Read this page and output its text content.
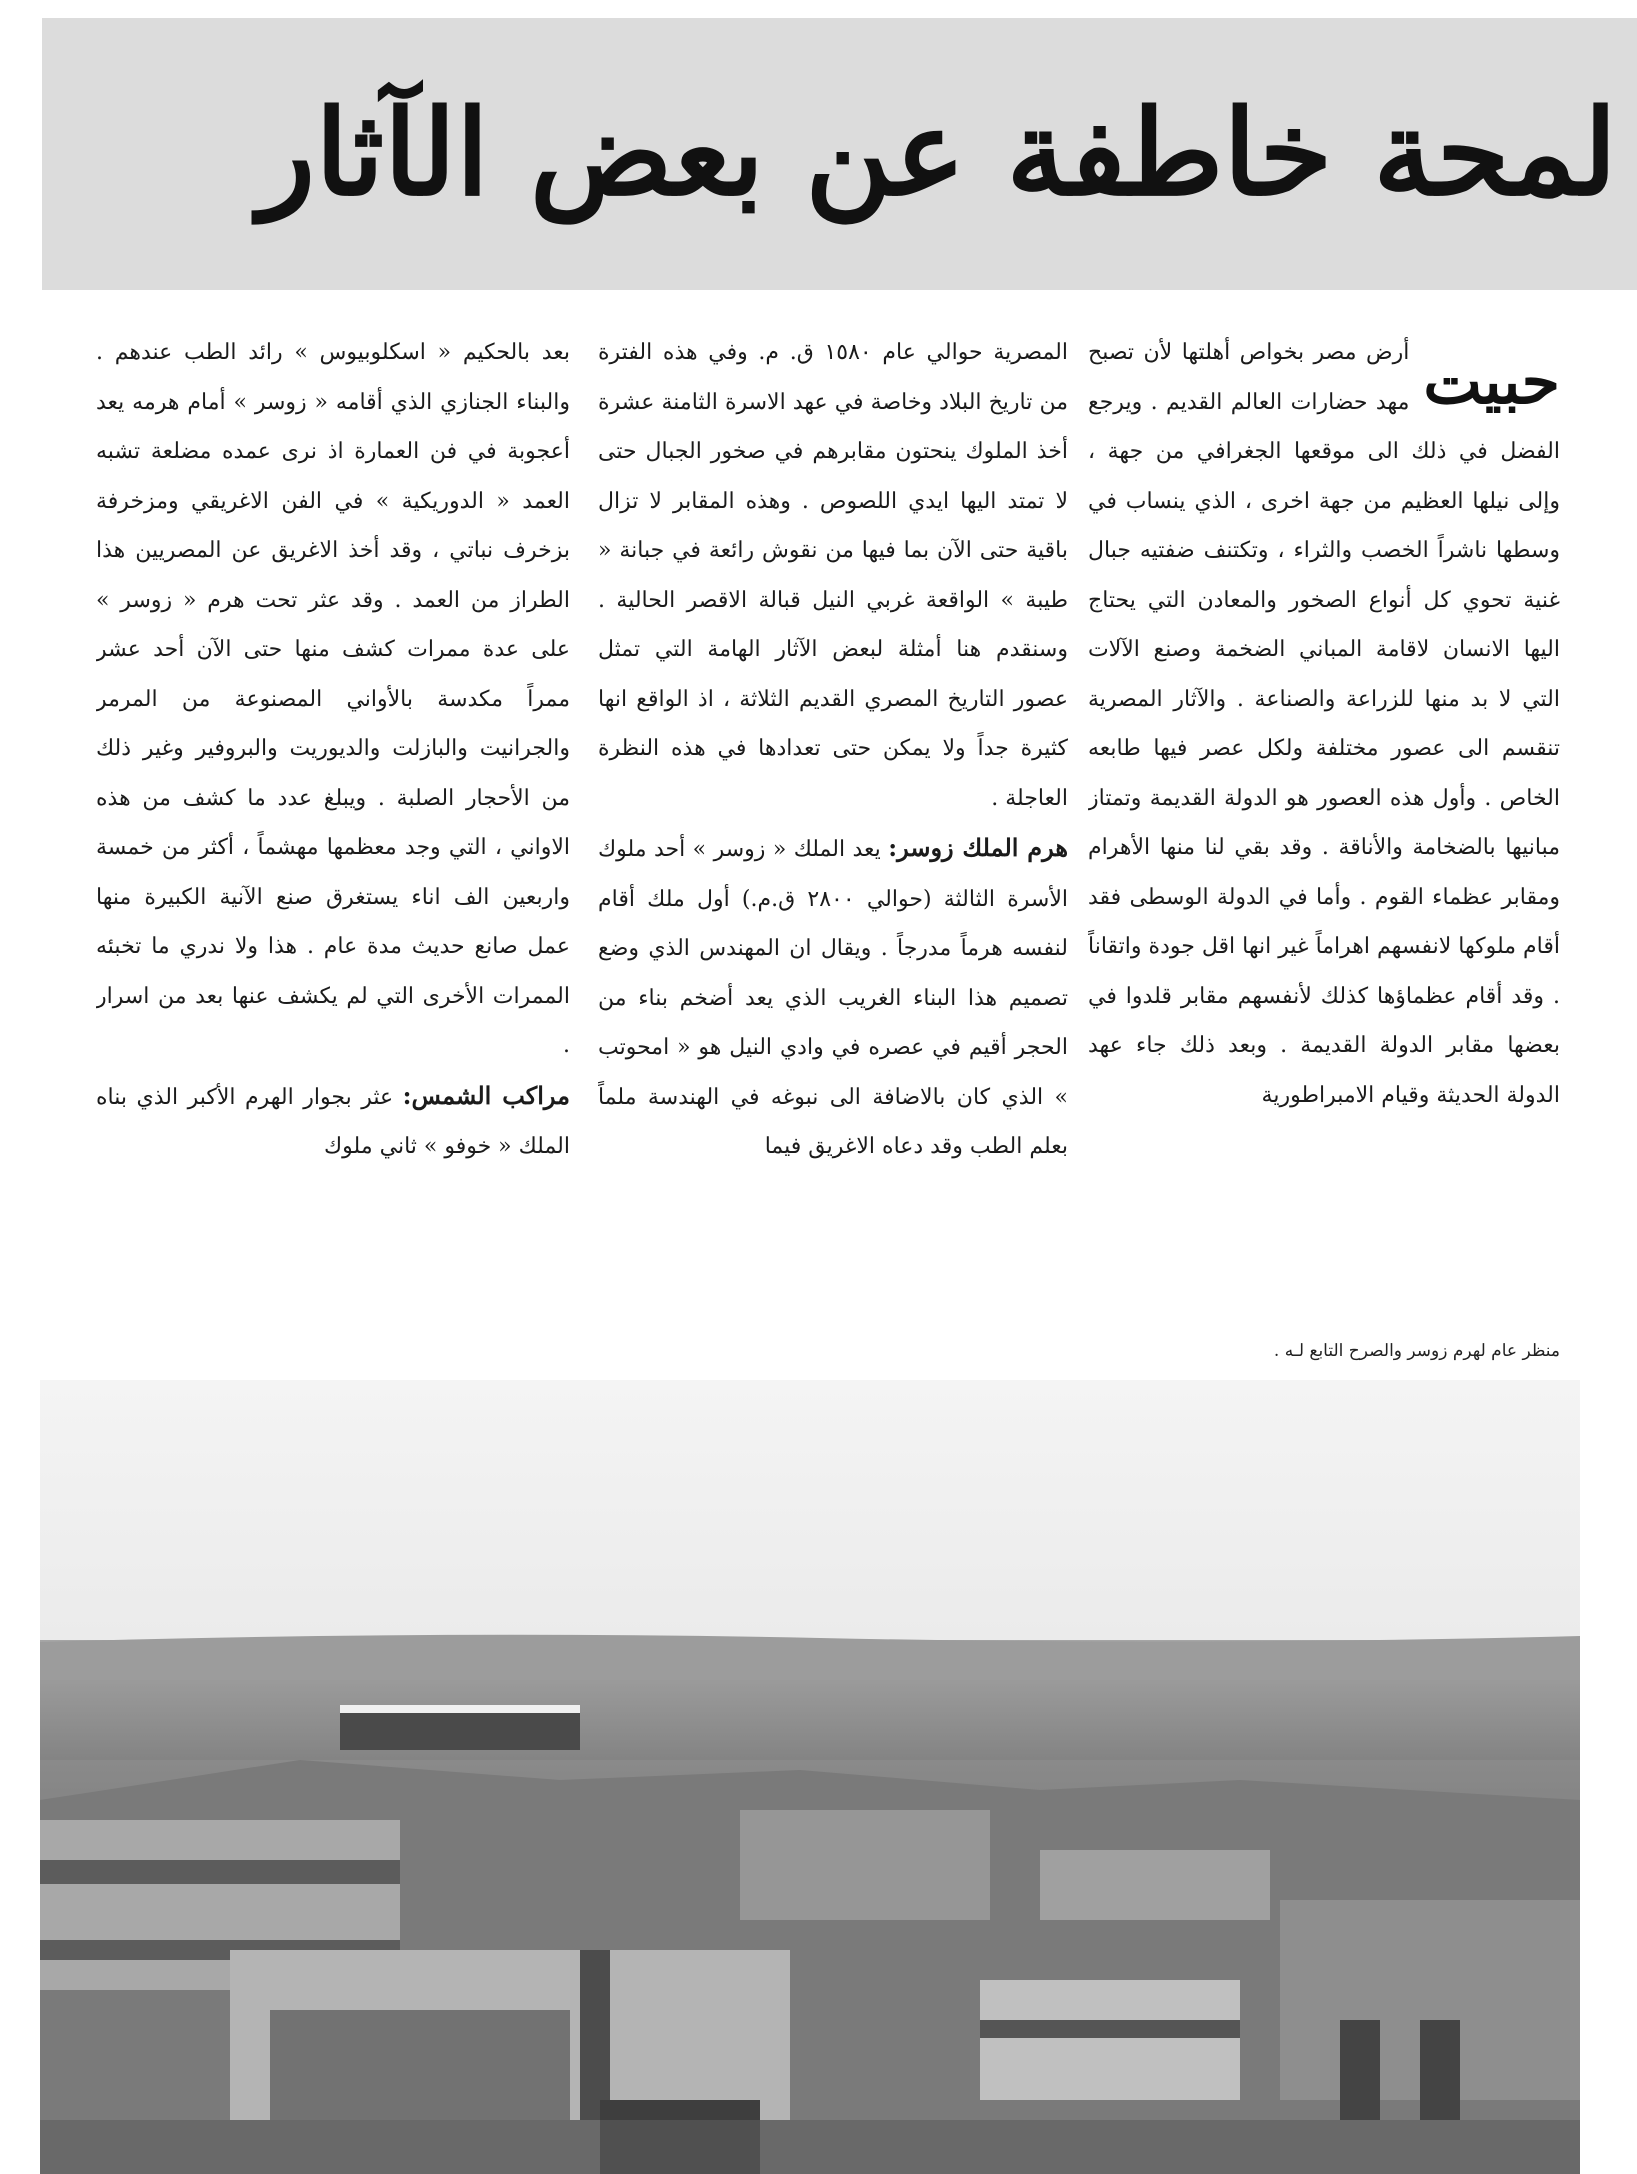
لمحة خاطفة عن بعض الآثار

حبيت
أرض مصر بخواص أهلتها لأن تصبح مهد حضارات العالم القديم . ويرجع الفضل في ذلك الى موقعها الجغرافي من جهة ، وإلى نيلها العظيم من جهة اخرى ، الذي ينساب في وسطها ناشراً الخصب والثراء ، وتكتنف ضفتيه جبال غنية تحوي كل أنواع الصخور والمعادن التي يحتاج اليها الانسان لاقامة المباني الضخمة وصنع الآلات التي لا بد منها للزراعة والصناعة . والآثار المصرية تنقسم الى عصور مختلفة ولكل عصر فيها طابعه الخاص . وأول هذه العصور هو الدولة القديمة وتمتاز مبانيها بالضخامة والأناقة . وقد بقي لنا منها الأهرام ومقابر عظماء القوم . وأما في الدولة الوسطى فقد أقام ملوكها لانفسهم اهراماً غير انها اقل جودة واتقاناً . وقد أقام عظماؤها كذلك لأنفسهم مقابر قلدوا في بعضها مقابر الدولة القديمة . وبعد ذلك جاء عهد الدولة الحديثة وقيام الامبراطورية

المصرية حوالي عام ١٥٨٠ ق. م. وفي هذه الفترة من تاريخ البلاد وخاصة في عهد الاسرة الثامنة عشرة أخذ الملوك ينحتون مقابرهم في صخور الجبال حتى لا تمتد اليها ايدي اللصوص . وهذه المقابر لا تزال باقية حتى الآن بما فيها من نقوش رائعة في جبانة « طيبة » الواقعة غربي النيل قبالة الاقصر الحالية . وسنقدم هنا أمثلة لبعض الآثار الهامة التي تمثل عصور التاريخ المصري القديم الثلاثة ، اذ الواقع انها كثيرة جداً ولا يمكن حتى تعدادها في هذه النظرة العاجلة .

هرم الملك زوسر: يعد الملك « زوسر » أحد ملوك الأسرة الثالثة (حوالي ٢٨٠٠ ق.م.) أول ملك أقام لنفسه هرماً مدرجاً . ويقال ان المهندس الذي وضع تصميم هذا البناء الغريب الذي يعد أضخم بناء من الحجر أقيم في عصره في وادي النيل هو « امحوتب » الذي كان بالاضافة الى نبوغه في الهندسة ملماً بعلم الطب وقد دعاه الاغريق فيما

بعد بالحكيم « اسكلوبيوس » رائد الطب عندهم . والبناء الجنازي الذي أقامه « زوسر » أمام هرمه يعد أعجوبة في فن العمارة اذ نرى عمده مضلعة تشبه العمد « الدوريكية » في الفن الاغريقي ومزخرفة بزخرف نباتي ، وقد أخذ الاغريق عن المصريين هذا الطراز من العمد . وقد عثر تحت هرم « زوسر » على عدة ممرات كشف منها حتى الآن أحد عشر ممراً مكدسة بالأواني المصنوعة من المرمر والجرانيت والبازلت والديوريت والبروفير وغير ذلك من الأحجار الصلبة . ويبلغ عدد ما كشف من هذه الاواني ، التي وجد معظمها مهشماً ، أكثر من خمسة واربعين الف اناء يستغرق صنع الآنية الكبيرة منها عمل صانع حديث مدة عام . هذا ولا ندري ما تخبئه الممرات الأخرى التي لم يكشف عنها بعد من اسرار .

مراكب الشمس: عثر بجوار الهرم الأكبر الذي بناه الملك « خوفو » ثاني ملوك

منظر عام لهرم زوسر والصرح التابع لـه .
